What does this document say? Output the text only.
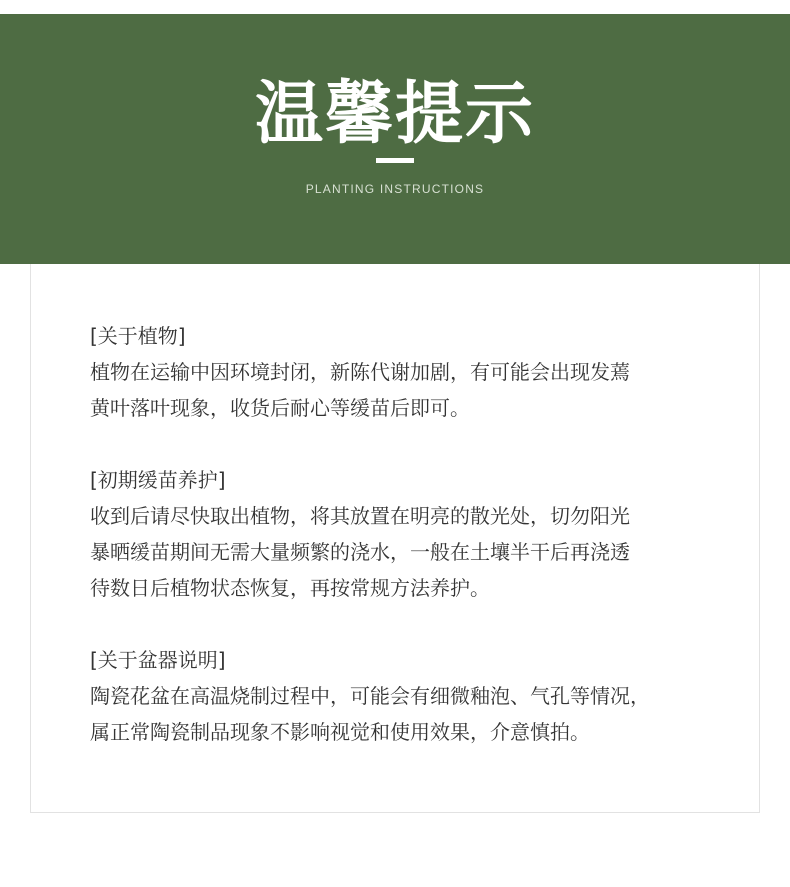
温馨提示
PLANTING INSTRUCTIONS
[关于植物]
植物在运输中因环境封闭，新陈代谢加剧，有可能会出现发蔫
黄叶落叶现象，收货后耐心等缓苗后即可。
[初期缓苗养护]
收到后请尽快取出植物，将其放置在明亮的散光处，切勿阳光
暴晒缓苗期间无需大量频繁的浇水，一般在土壤半干后再浇透
待数日后植物状态恢复，再按常规方法养护。
[关于盆器说明]
陶瓷花盆在高温烧制过程中，可能会有细微釉泡、气孔等情况，
属正常陶瓷制品现象不影响视觉和使用效果，介意慎拍。
